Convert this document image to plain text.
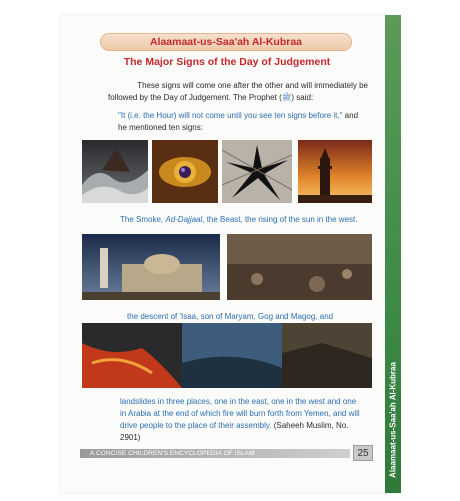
Alaamaat-us-Saa'ah Al-Kubraa
Alaamaat-us-Saa'ah Al-Kubraa
The Major Signs of the Day of Judgement
These signs will come one after the other and will immediately be
followed by the Day of Judgement. The Prophet (ﷺ) said:
"It (i.e. the Hour) will not come until you see ten signs before it," and
he mentioned ten signs:
The Smoke, Ad-Dajjaal, the Beast, the rising of the sun in the west.
the descent of 'Isaa, son of Maryam, Gog and Magog, and
landslides in three places, one in the east, one in the west and one
in Arabia at the end of which fire will burn forth from Yemen, and will
drive people to the place of their assembly. (Saheeh Muslim, No.
2901)
A CONCISE CHILDREN'S ENCYCLOPEDIA OF ISLAM	25
